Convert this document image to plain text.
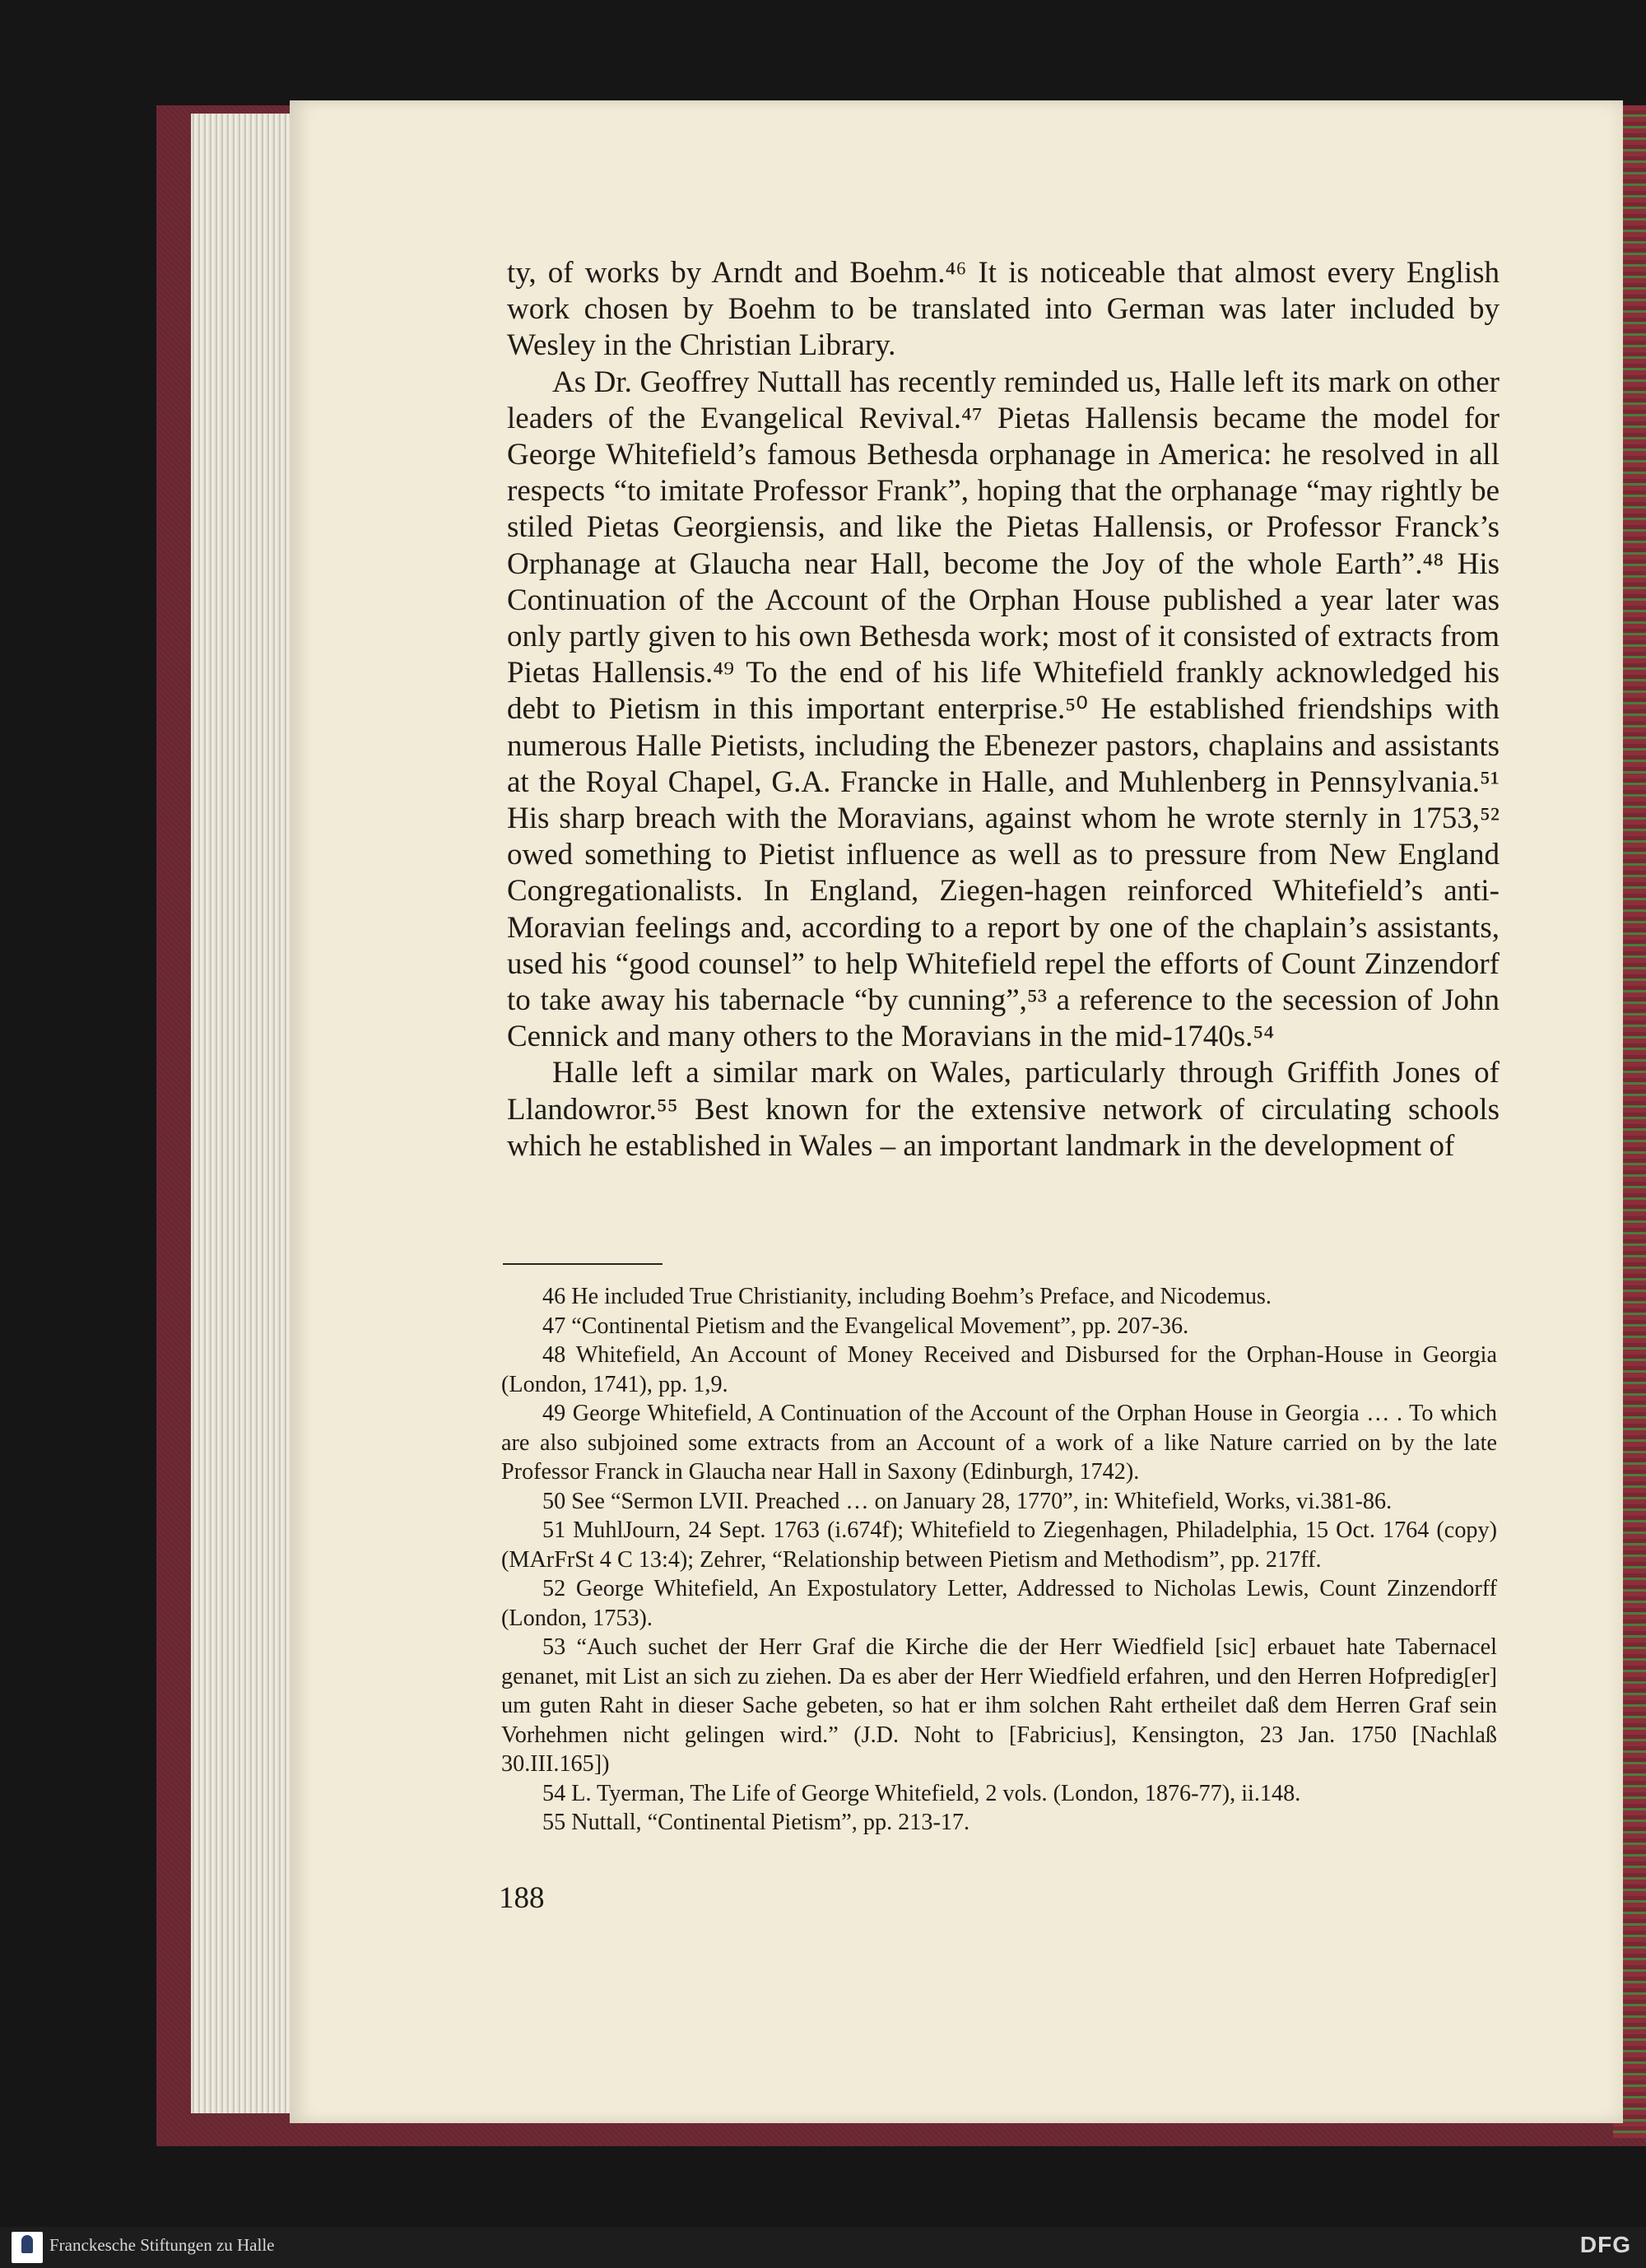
ty, of works by Arndt and Boehm.⁴⁶ It is noticeable that almost every English work chosen by Boehm to be translated into German was later included by Wesley in the Christian Library.

As Dr. Geoffrey Nuttall has recently reminded us, Halle left its mark on other leaders of the Evangelical Revival.⁴⁷ Pietas Hallensis became the model for George Whitefield’s famous Bethesda orphanage in America: he resolved in all respects “to imitate Professor Frank”, hoping that the orphanage “may rightly be stiled Pietas Georgiensis, and like the Pietas Hallensis, or Professor Franck’s Orphanage at Glaucha near Hall, become the Joy of the whole Earth”.⁴⁸ His Continuation of the Account of the Orphan House published a year later was only partly given to his own Bethesda work; most of it consisted of extracts from Pietas Hallensis.⁴⁹ To the end of his life Whitefield frankly acknowledged his debt to Pietism in this important enterprise.⁵⁰ He established friendships with numerous Halle Pietists, including the Ebenezer pastors, chaplains and assistants at the Royal Chapel, G.A. Francke in Halle, and Muhlenberg in Pennsylvania.⁵¹ His sharp breach with the Moravians, against whom he wrote sternly in 1753,⁵² owed something to Pietist influence as well as to pressure from New England Congregationalists. In England, Ziegen-hagen reinforced Whitefield’s anti-Moravian feelings and, according to a report by one of the chaplain’s assistants, used his “good counsel” to help Whitefield repel the efforts of Count Zinzendorf to take away his tabernacle “by cunning”,⁵³ a reference to the secession of John Cennick and many others to the Moravians in the mid-1740s.⁵⁴

Halle left a similar mark on Wales, particularly through Griffith Jones of Llandowror.⁵⁵ Best known for the extensive network of circulating schools which he established in Wales – an important landmark in the development of

46 He included True Christianity, including Boehm’s Preface, and Nicodemus.

47 “Continental Pietism and the Evangelical Movement”, pp. 207-36.

48 Whitefield, An Account of Money Received and Disbursed for the Orphan-House in Georgia (London, 1741), pp. 1,9.

49 George Whitefield, A Continuation of the Account of the Orphan House in Georgia … . To which are also subjoined some extracts from an Account of a work of a like Nature carried on by the late Professor Franck in Glaucha near Hall in Saxony (Edinburgh, 1742).

50 See “Sermon LVII. Preached … on January 28, 1770”, in: Whitefield, Works, vi.381-86.

51 MuhlJourn, 24 Sept. 1763 (i.674f); Whitefield to Ziegenhagen, Philadelphia, 15 Oct. 1764 (copy) (MArFrSt 4 C 13:4); Zehrer, “Relationship between Pietism and Methodism”, pp. 217ff.

52 George Whitefield, An Expostulatory Letter, Addressed to Nicholas Lewis, Count Zinzendorff (London, 1753).

53 “Auch suchet der Herr Graf die Kirche die der Herr Wiedfield [sic] erbauet hate Tabernacel genanet, mit List an sich zu ziehen. Da es aber der Herr Wiedfield erfahren, und den Herren Hofpredig[er] um guten Raht in dieser Sache gebeten, so hat er ihm solchen Raht ertheilet daß dem Herren Graf sein Vorhehmen nicht gelingen wird.” (J.D. Noht to [Fabricius], Kensington, 23 Jan. 1750 [Nachlaß 30.III.165])

54 L. Tyerman, The Life of George Whitefield, 2 vols. (London, 1876-77), ii.148.

55 Nuttall, “Continental Pietism”, pp. 213-17.

188
Franckesche Stiftungen zu Halle	DFG
